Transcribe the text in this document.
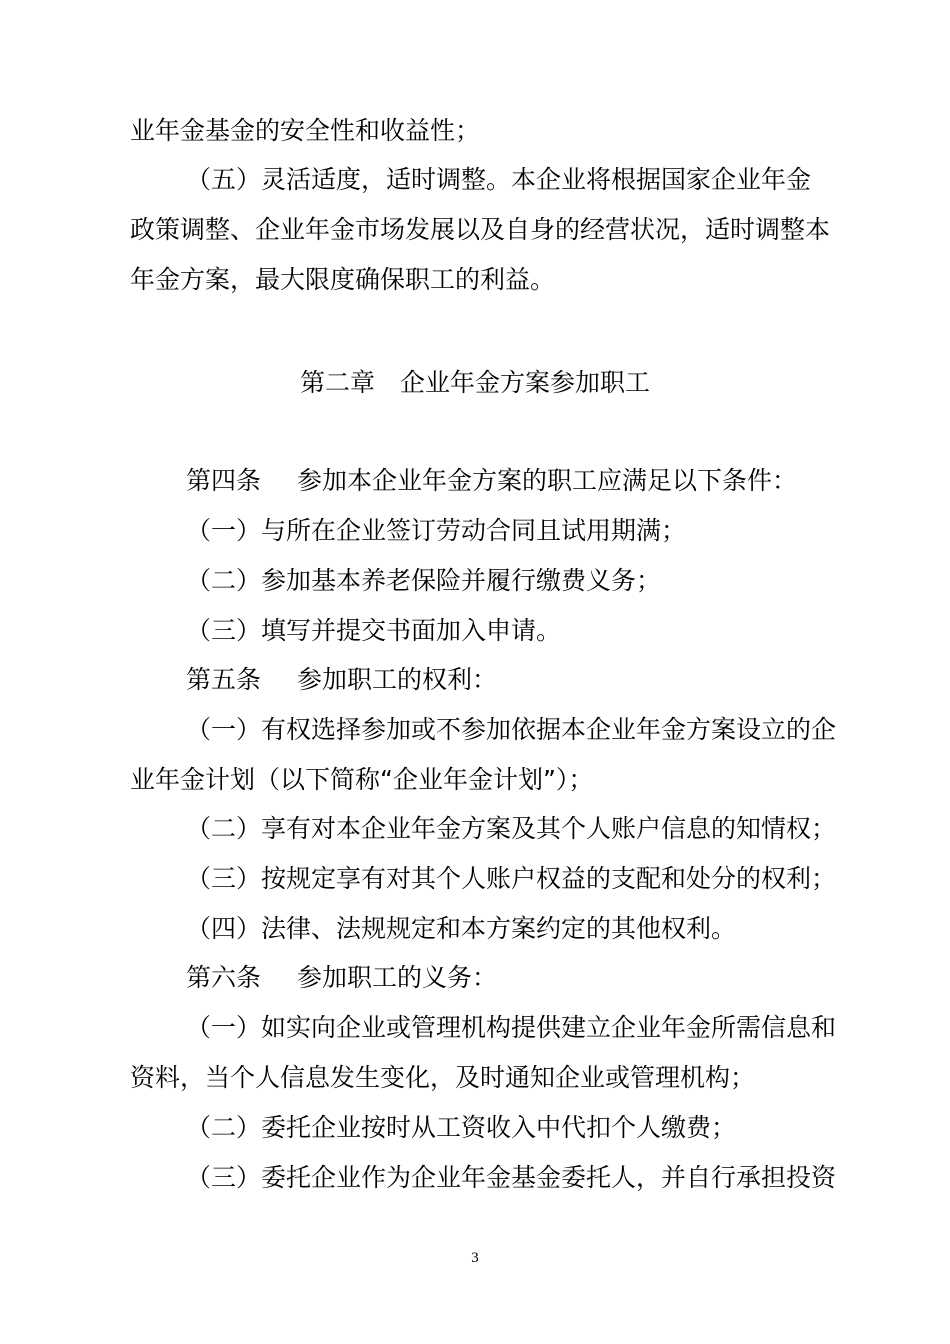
业年金基金的安全性和收益性；
（五）灵活适度，适时调整。本企业将根据国家企业年金
政策调整、企业年金市场发展以及自身的经营状况，适时调整本
年金方案，最大限度确保职工的利益。
第二章　企业年金方案参加职工
第四条 参加本企业年金方案的职工应满足以下条件：
（一）与所在企业签订劳动合同且试用期满；
（二）参加基本养老保险并履行缴费义务；
（三）填写并提交书面加入申请。
第五条 参加职工的权利：
（一）有权选择参加或不参加依据本企业年金方案设立的企
业年金计划（以下简称“企业年金计划”）；
（二）享有对本企业年金方案及其个人账户信息的知情权；
（三）按规定享有对其个人账户权益的支配和处分的权利；
（四）法律、法规规定和本方案约定的其他权利。
第六条 参加职工的义务：
（一）如实向企业或管理机构提供建立企业年金所需信息和
资料，当个人信息发生变化，及时通知企业或管理机构；
（二）委托企业按时从工资收入中代扣个人缴费；
（三）委托企业作为企业年金基金委托人，并自行承担投资
3
